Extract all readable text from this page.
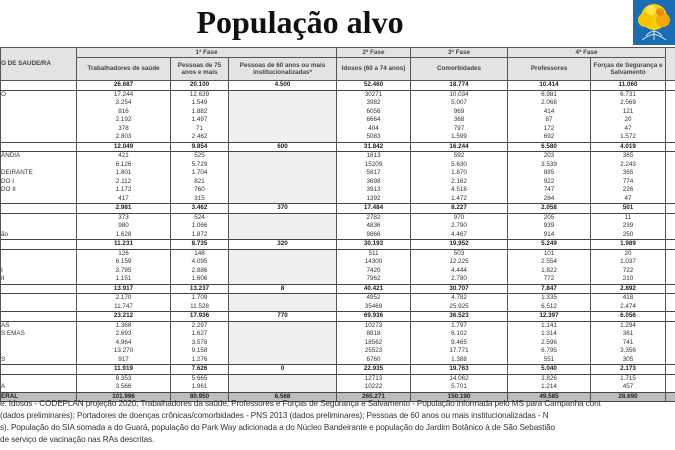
População alvo
O DE SAUDE/RA	1ª Fase			2ª Fase	3ª Fase	4ª Fase		
	Trabalhadores de saúde	Pessoas de 75 anos e mais	Pessoas de 60 anos ou mais institucionalizadas*	Idosos (60 a 74 anos)	Comorbidades	Professores	Forças de Segurança e Salvamento	
	26.687	20.100	4.500	52.460	18.774	10.414	11.060	
O	17.244	12.639		30271	10.034	6.981	6.731	
	3.254	1.549		3982	5.007	2.068	2.569	
	816	1.882		6056	969	414	121	
	2.192	1.497		6664	368	87	20	
	378	71		404	797	172	47	
	2.803	2.462		5083	1.599	692	1.572	
	12.049	9.854	600	31.842	16.244	6.580	4.019	
ÂNDIA	421	525		1813	592	203	365	
	6.126	5.729		15209	5.630	3.539	2.243	
DEIRANTE	1.801	1.704		5817	1.870	885	365	
DO I	2.112	821		3698	2.162	922	774	
DO II	1.172	760		3913	4.518	747	226	
	417	315		1392	1.472	284	47	
	2.981	3.462	370	17.484	8.227	2.058	501	
	373	524		2782	970	205	11	
	980	1.066		4836	2.790	939	239	
ão	1.628	1.872		9866	4.467	914	250	
	11.231	8.735	320	30.193	19.952	5.249	1.989	
	126	148		511	503	101	20	
	6.159	4.095		14300	12.225	2.554	1.037	
I	3.795	2.886		7420	4.444	1.822	722	
II	1.151	1.606		7962	2.780	772	210	
	13.917	13.237	8	40.421	30.707	7.847	2.892	
	2.170	1.709		4952	4.782	1.335	418	
	11.747	11.528		35469	25.925	6.512	2.474	
	23.212	17.936	770	69.936	36.523	12.397	6.056	
AS	1.368	2.297		10273	1.797	1.141	1.294	
S EMAS	2.693	1.627		8818	6.102	1.314	361	
	4.964	3.578		18562	9.465	2.596	741	
	13.270	9.158		25523	17.771	6.795	3.356	
S	917	1.276		6760	1.388	551	305	
	11.919	7.626	0	22.935	19.763	5.040	2.173	
	8.353	5.665		12713	14.062	3.826	1.715	
A	3.566	1.961		10222	5.701	1.214	457	
ERAL	101.996	80.950	6.568	265.271	150.190	49.585	28.690	
e: Idosos - CODEPLAN projeção 2020; Trabalhadores da saúde, Professores e Forças de Segurança e Salvamento - População informada pelo MS para Campanha cont
(dados preliminares); Portadores de doenças crônicas/comorbidades - PNS 2013 (dados preliminares); Pessoas de 60 anos ou mais institucionalizadas - N
s). População do SIA somada a do Guará, população do Park Way adicionada a do Núcleo Bandeirante e população do Jardim Botânico à de São Sebastião
de serviço de vacinação nas RAs descritas.
